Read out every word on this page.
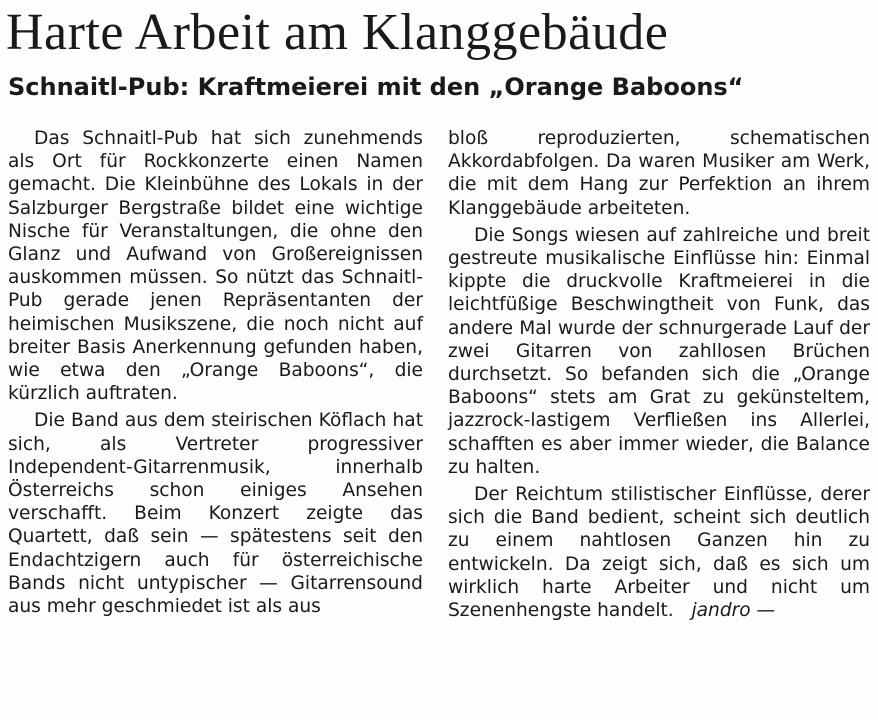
Harte Arbeit am Klanggebäude
Schnaitl-Pub: Kraftmeierei mit den „Orange Baboons“

Das Schnaitl-Pub hat sich zunehmends als Ort für Rockkonzerte einen Namen gemacht. Die Kleinbühne des Lokals in der Salzburger Bergstraße bildet eine wichtige Nische für Veranstaltungen, die ohne den Glanz und Aufwand von Großereignissen auskommen müssen. So nützt das Schnaitl-Pub gerade jenen Repräsentanten der heimischen Musikszene, die noch nicht auf breiter Basis Anerkennung gefunden haben, wie etwa den „Orange Baboons“, die kürzlich auftraten.

Die Band aus dem steirischen Köflach hat sich, als Vertreter progressiver Independent-Gitarrenmusik, innerhalb Österreichs schon einiges Ansehen verschafft. Beim Konzert zeigte das Quartett, daß sein — spätestens seit den Endachtzigern auch für österreichische Bands nicht untypischer — Gitarrensound aus mehr geschmiedet ist als aus

bloß reproduzierten, schematischen Akkordabfolgen. Da waren Musiker am Werk, die mit dem Hang zur Perfektion an ihrem Klanggebäude arbeiteten.

Die Songs wiesen auf zahlreiche und breit gestreute musikalische Einflüsse hin: Einmal kippte die druckvolle Kraftmeierei in die leichtfüßige Beschwingtheit von Funk, das andere Mal wurde der schnurgerade Lauf der zwei Gitarren von zahllosen Brüchen durchsetzt. So befanden sich die „Orange Baboons“ stets am Grat zu gekünsteltem, jazzrock-lastigem Verfließen ins Allerlei, schafften es aber immer wieder, die Balance zu halten.

Der Reichtum stilistischer Einflüsse, derer sich die Band bedient, scheint sich deutlich zu einem nahtlosen Ganzen hin zu entwickeln. Da zeigt sich, daß es sich um wirklich harte Arbeiter und nicht um Szenenhengste handelt. jandro —
